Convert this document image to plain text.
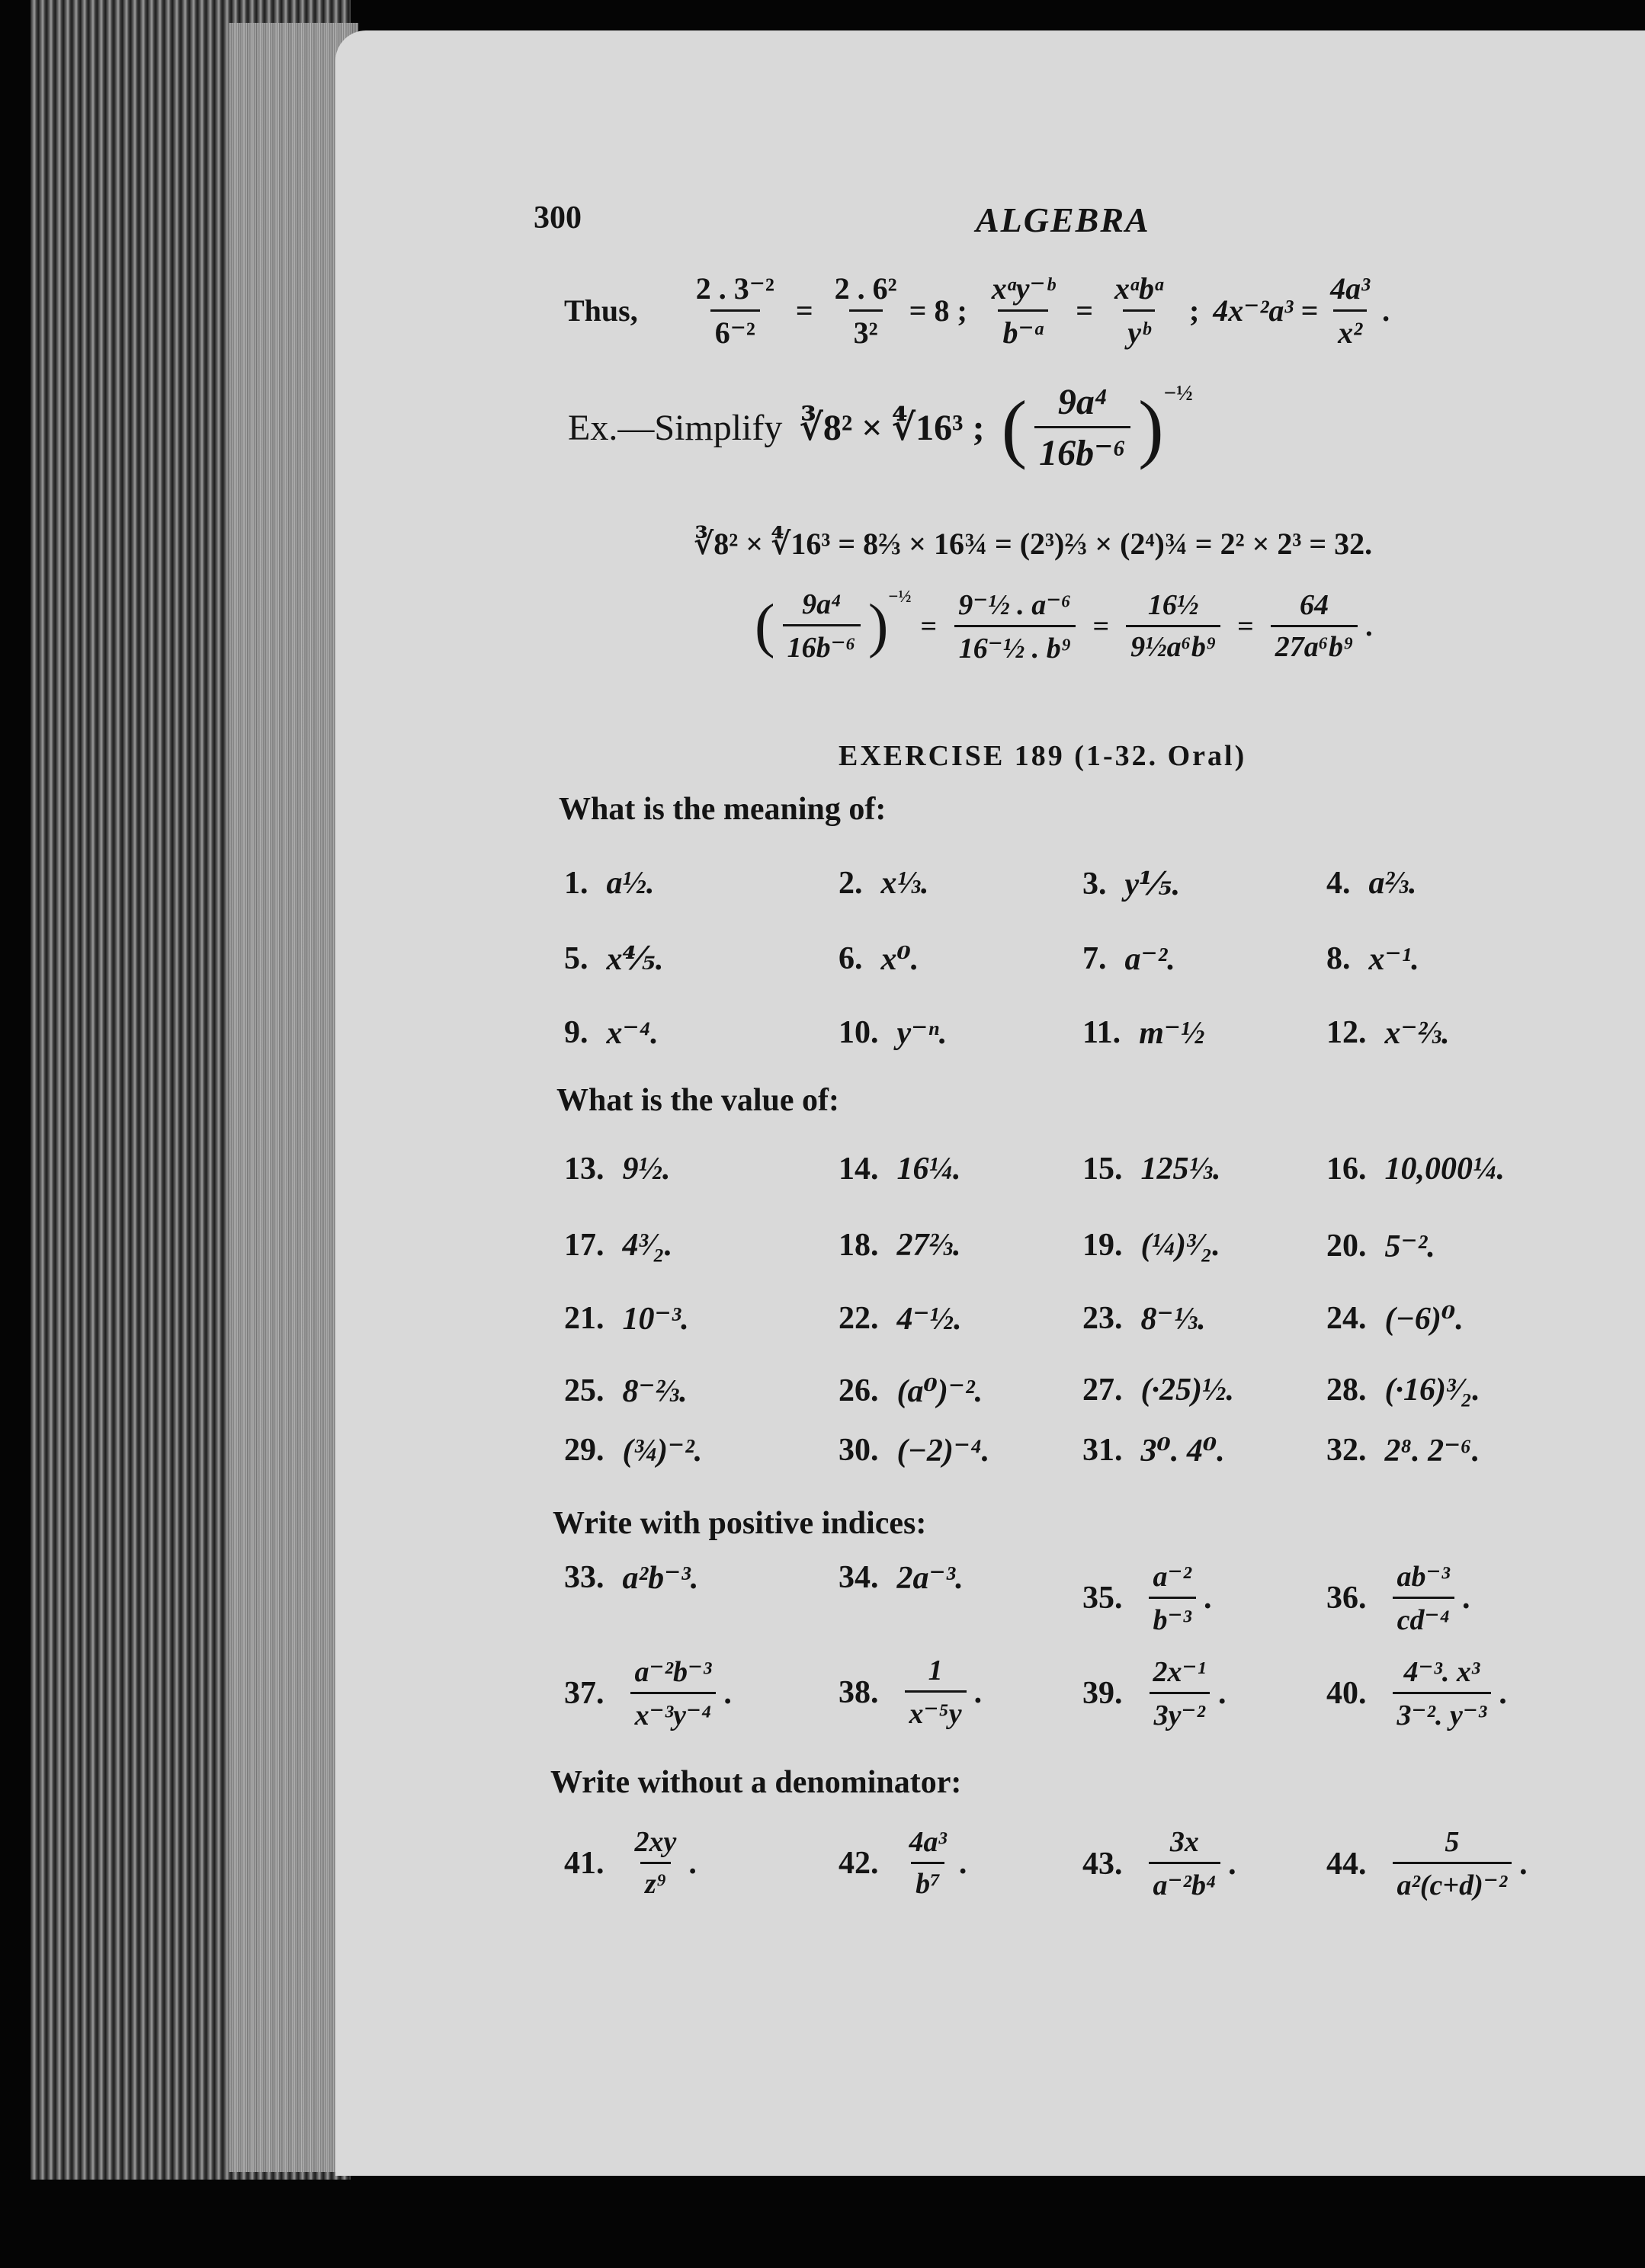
300	ALGEBRA
Thus, $\frac{\text{2 . 3⁻²}}{\text{6⁻²}} = \frac{\text{2 . 6²}}{\text{3²}} = 8$ ; $\frac{\text{xᵃy⁻ᵇ}}{\text{b⁻ᵃ}} = \frac{\text{xᵃbᵃ}}{\text{yᵇ}}$ ; $4x^{-2}a^3 = \frac{\text{4a³}}{\text{x²}}$ .
Ex.—Simplify ∛8² × ∜16³ ; ( $\frac{\text{9a⁴}}{\text{16b⁻⁶}} )^{-\frac{1}{2}}$
∛8² × ∜16³ = 8⅔ × 16¾ = (2³)⅔ × (2⁴)¾ = 2² × 2³ = 32.
( $\frac{\text{9a⁴}}{\text{16b⁻⁶}} )^{-\frac{1}{2}}$
= $\frac{\text{9⁻½ . a⁻⁶}}{\text{16⁻½ . b⁹}} = \frac{\text{16½}}{\text{9½a⁶b⁹}} = \frac{64}{\text{27a⁶b⁹}}$ .
EXERCISE 189 (1-32. Oral)
What is the meaning of:
1. a½.	2. x⅓.	3. y⅕.	4. a⅔.
5. x⅘.	6. x⁰.	7. a⁻².	8. x⁻¹.
9. x⁻⁴.	10. y⁻ⁿ.	11. m⁻½	12. x⁻⅔.
What is the value of:
13. 9½.	14. 16¼.	15. 125⅓.	16. 10,000¼.
17. 4³⁄₂.	18. 27⅔.	19. (¼)³⁄₂.	20. 5⁻².
21. 10⁻³.	22. 4⁻½.	23. 8⁻⅓.	24. (−6)⁰.
25. 8⁻⅔.	26. (a⁰)⁻².	27. (·25)½.	28. (·16)³⁄₂.
29. (¾)⁻².	30. (−2)⁻⁴.	31. 3⁰. 4⁰.	32. 2⁸. 2⁻⁶.
Write with positive indices:
33. a²b⁻³.	34. 2a⁻³.
35. $\frac{\text{a⁻²}}{\text{b⁻³}}$ .	36. $\frac{\text{ab⁻³}}{\text{cd⁻⁴}}$ .
37. $\frac{\text{a⁻²b⁻³}}{\text{x⁻³y⁻⁴}}$ .	38. $\frac{1}{\text{x⁻⁵y}}$ .	39. $\frac{\text{2x⁻¹}}{\text{3y⁻²}}$ .	40. $\frac{\text{4⁻³. x³}}{\text{3⁻². y⁻³}}$ .
Write without a denominator:
41. $\frac{2xy}{\text{z⁹}}$ .	42. $\frac{\text{4a³}}{\text{b⁷}}$ .	43. $\frac{3x}{\text{a⁻²b⁴}}$ .	44. $\frac{5}{\text{a²(c+d)⁻²}}$ .
